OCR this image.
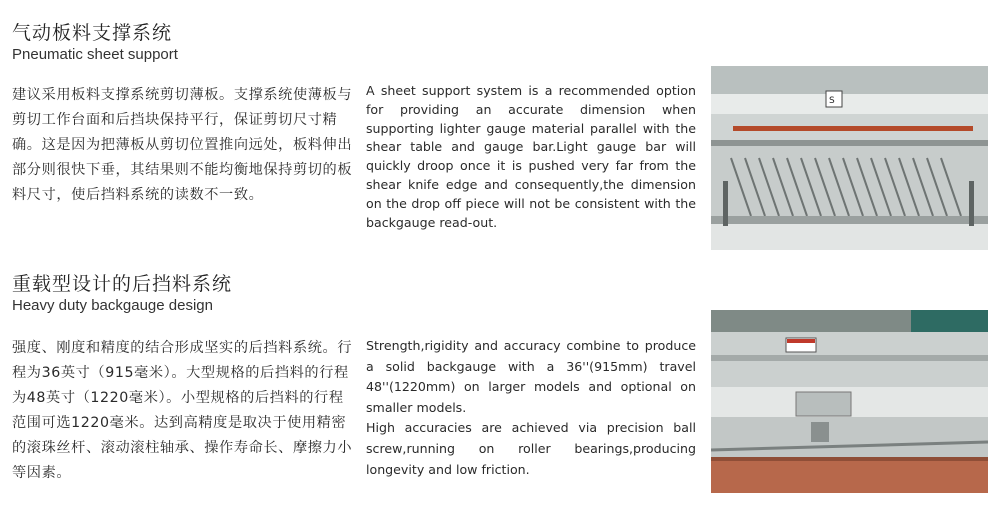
气动板料支撑系统
Pneumatic sheet support
建议采用板料支撑系统剪切薄板。支撑系统使薄板与剪切工作台面和后挡块保持平行，保证剪切尺寸精确。这是因为把薄板从剪切位置推向远处，板料伸出部分则很快下垂，其结果则不能均衡地保持剪切的板料尺寸，使后挡料系统的读数不一致。
A sheet support system is a recommended option for providing an accurate dimension when supporting lighter gauge material parallel with the shear table and gauge bar.Light gauge bar will quickly droop once it is pushed very far from the shear knife edge and consequently,the dimension on the drop off piece will not be consistent with the backgauge read-out.
S
重载型设计的后挡料系统
Heavy duty backgauge design
强度、刚度和精度的结合形成坚实的后挡料系统。行程为36英寸（915毫米）。大型规格的后挡料的行程为48英寸（1220毫米）。小型规格的后挡料的行程范围可选1220毫米。达到高精度是取决于使用精密的滚珠丝杆、滚动滚柱轴承、操作寿命长、摩擦力小等因素。
Strength,rigidity and accuracy combine to produce a solid backgauge with a 36''(915mm) travel 48''(1220mm) on larger models and optional on smaller models.
High accuracies are achieved via precision ball screw,running on roller bearings,producing longevity and low friction.
